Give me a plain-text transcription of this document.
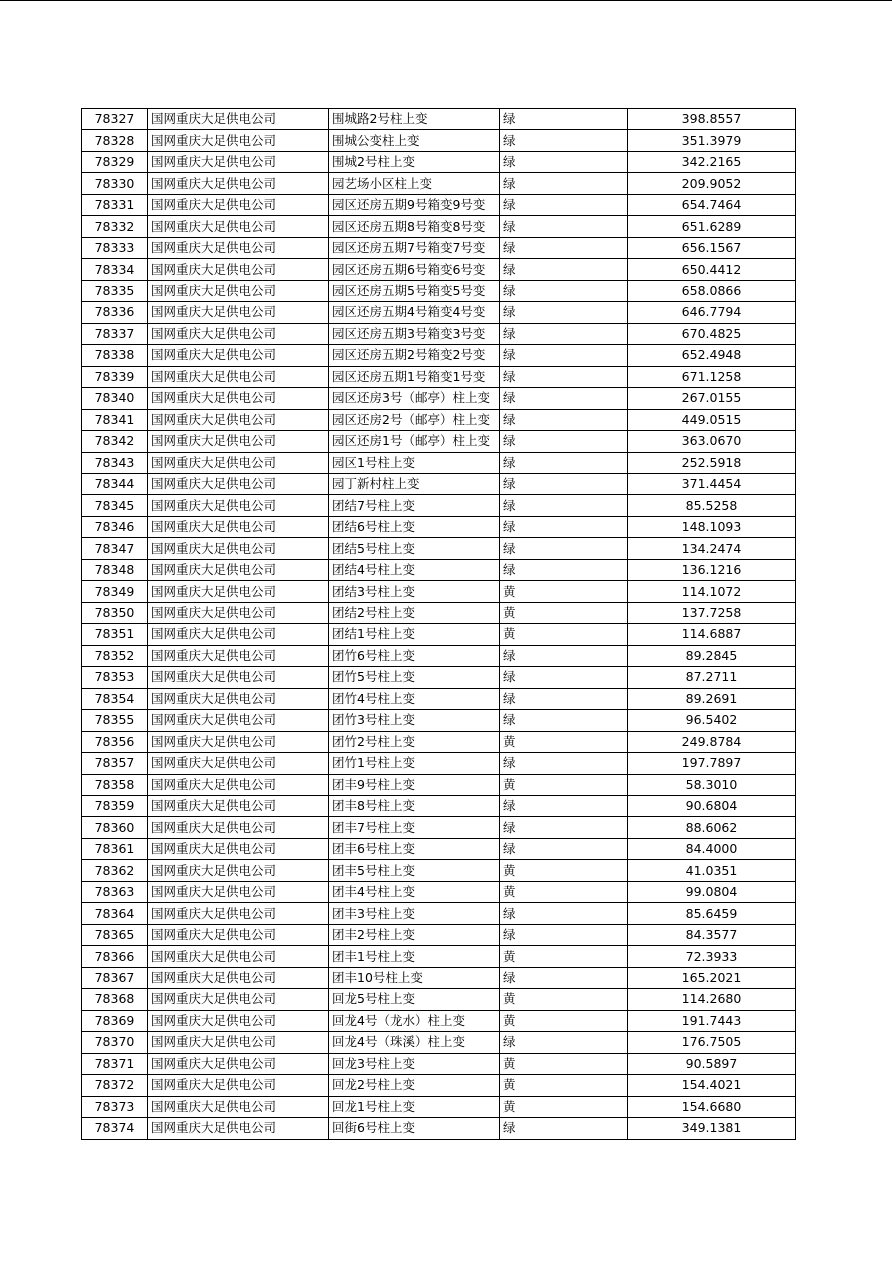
78327	国网重庆大足供电公司	围城路2号柱上变	绿	398.8557
78328	国网重庆大足供电公司	围城公变柱上变	绿	351.3979
78329	国网重庆大足供电公司	围城2号柱上变	绿	342.2165
78330	国网重庆大足供电公司	园艺场小区柱上变	绿	209.9052
78331	国网重庆大足供电公司	园区还房五期9号箱变9号变	绿	654.7464
78332	国网重庆大足供电公司	园区还房五期8号箱变8号变	绿	651.6289
78333	国网重庆大足供电公司	园区还房五期7号箱变7号变	绿	656.1567
78334	国网重庆大足供电公司	园区还房五期6号箱变6号变	绿	650.4412
78335	国网重庆大足供电公司	园区还房五期5号箱变5号变	绿	658.0866
78336	国网重庆大足供电公司	园区还房五期4号箱变4号变	绿	646.7794
78337	国网重庆大足供电公司	园区还房五期3号箱变3号变	绿	670.4825
78338	国网重庆大足供电公司	园区还房五期2号箱变2号变	绿	652.4948
78339	国网重庆大足供电公司	园区还房五期1号箱变1号变	绿	671.1258
78340	国网重庆大足供电公司	园区还房3号（邮亭）柱上变	绿	267.0155
78341	国网重庆大足供电公司	园区还房2号（邮亭）柱上变	绿	449.0515
78342	国网重庆大足供电公司	园区还房1号（邮亭）柱上变	绿	363.0670
78343	国网重庆大足供电公司	园区1号柱上变	绿	252.5918
78344	国网重庆大足供电公司	园丁新村柱上变	绿	371.4454
78345	国网重庆大足供电公司	团结7号柱上变	绿	85.5258
78346	国网重庆大足供电公司	团结6号柱上变	绿	148.1093
78347	国网重庆大足供电公司	团结5号柱上变	绿	134.2474
78348	国网重庆大足供电公司	团结4号柱上变	绿	136.1216
78349	国网重庆大足供电公司	团结3号柱上变	黄	114.1072
78350	国网重庆大足供电公司	团结2号柱上变	黄	137.7258
78351	国网重庆大足供电公司	团结1号柱上变	黄	114.6887
78352	国网重庆大足供电公司	团竹6号柱上变	绿	89.2845
78353	国网重庆大足供电公司	团竹5号柱上变	绿	87.2711
78354	国网重庆大足供电公司	团竹4号柱上变	绿	89.2691
78355	国网重庆大足供电公司	团竹3号柱上变	绿	96.5402
78356	国网重庆大足供电公司	团竹2号柱上变	黄	249.8784
78357	国网重庆大足供电公司	团竹1号柱上变	绿	197.7897
78358	国网重庆大足供电公司	团丰9号柱上变	黄	58.3010
78359	国网重庆大足供电公司	团丰8号柱上变	绿	90.6804
78360	国网重庆大足供电公司	团丰7号柱上变	绿	88.6062
78361	国网重庆大足供电公司	团丰6号柱上变	绿	84.4000
78362	国网重庆大足供电公司	团丰5号柱上变	黄	41.0351
78363	国网重庆大足供电公司	团丰4号柱上变	黄	99.0804
78364	国网重庆大足供电公司	团丰3号柱上变	绿	85.6459
78365	国网重庆大足供电公司	团丰2号柱上变	绿	84.3577
78366	国网重庆大足供电公司	团丰1号柱上变	黄	72.3933
78367	国网重庆大足供电公司	团丰10号柱上变	绿	165.2021
78368	国网重庆大足供电公司	回龙5号柱上变	黄	114.2680
78369	国网重庆大足供电公司	回龙4号（龙水）柱上变	黄	191.7443
78370	国网重庆大足供电公司	回龙4号（珠溪）柱上变	绿	176.7505
78371	国网重庆大足供电公司	回龙3号柱上变	黄	90.5897
78372	国网重庆大足供电公司	回龙2号柱上变	黄	154.4021
78373	国网重庆大足供电公司	回龙1号柱上变	黄	154.6680
78374	国网重庆大足供电公司	回街6号柱上变	绿	349.1381
